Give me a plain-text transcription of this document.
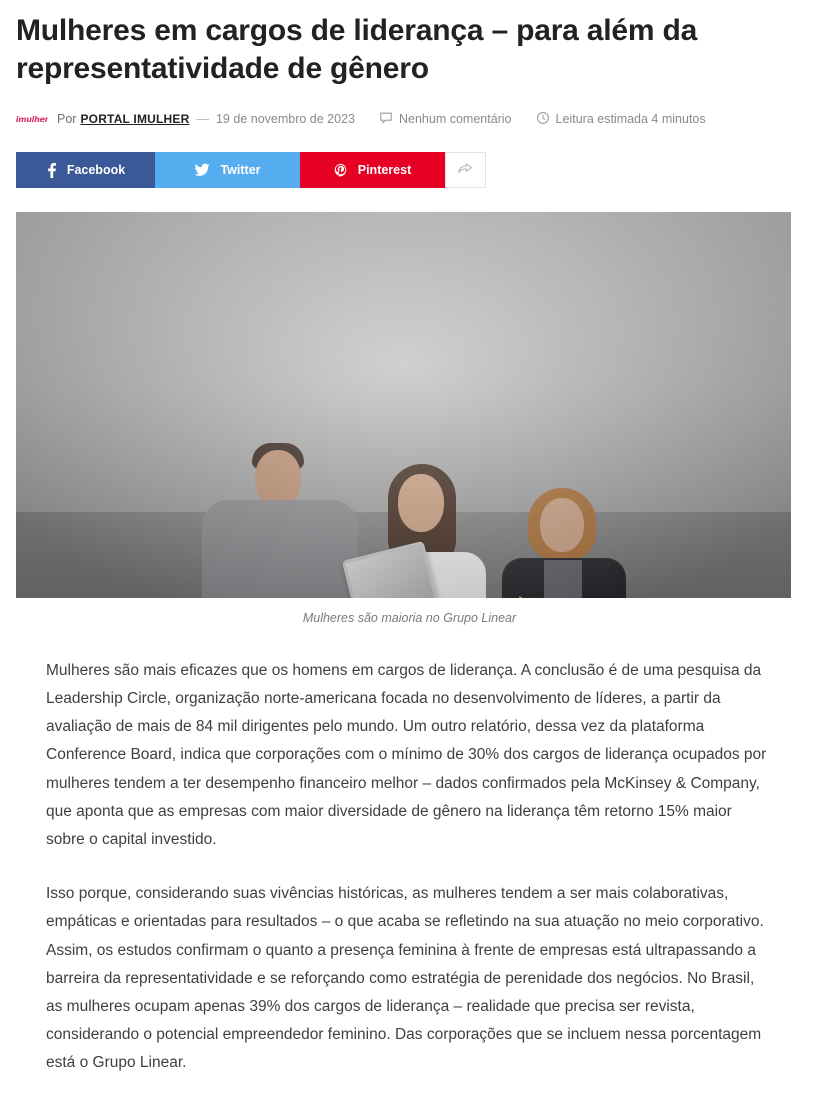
Mulheres em cargos de liderança – para além da representatividade de gênero
imulher Por PORTAL IMULHER — 19 de novembro de 2023	Nenhum comentário	Leitura estimada 4 minutos
Facebook	Twitter	Pinterest
Mulheres são maioria no Grupo Linear

Mulheres são mais eficazes que os homens em cargos de liderança. A conclusão é de uma pesquisa da Leadership Circle, organização norte-americana focada no desenvolvimento de líderes, a partir da avaliação de mais de 84 mil dirigentes pelo mundo. Um outro relatório, dessa vez da plataforma Conference Board, indica que corporações com o mínimo de 30% dos cargos de liderança ocupados por mulheres tendem a ter desempenho financeiro melhor – dados confirmados pela McKinsey & Company, que aponta que as empresas com maior diversidade de gênero na liderança têm retorno 15% maior sobre o capital investido.

Isso porque, considerando suas vivências históricas, as mulheres tendem a ser mais colaborativas, empáticas e orientadas para resultados – o que acaba se refletindo na sua atuação no meio corporativo. Assim, os estudos confirmam o quanto a presença feminina à frente de empresas está ultrapassando a barreira da representatividade e se reforçando como estratégia de perenidade dos negócios. No Brasil, as mulheres ocupam apenas 39% dos cargos de liderança – realidade que precisa ser revista, considerando o potencial empreendedor feminino. Das corporações que se incluem nessa porcentagem está o Grupo Linear.
